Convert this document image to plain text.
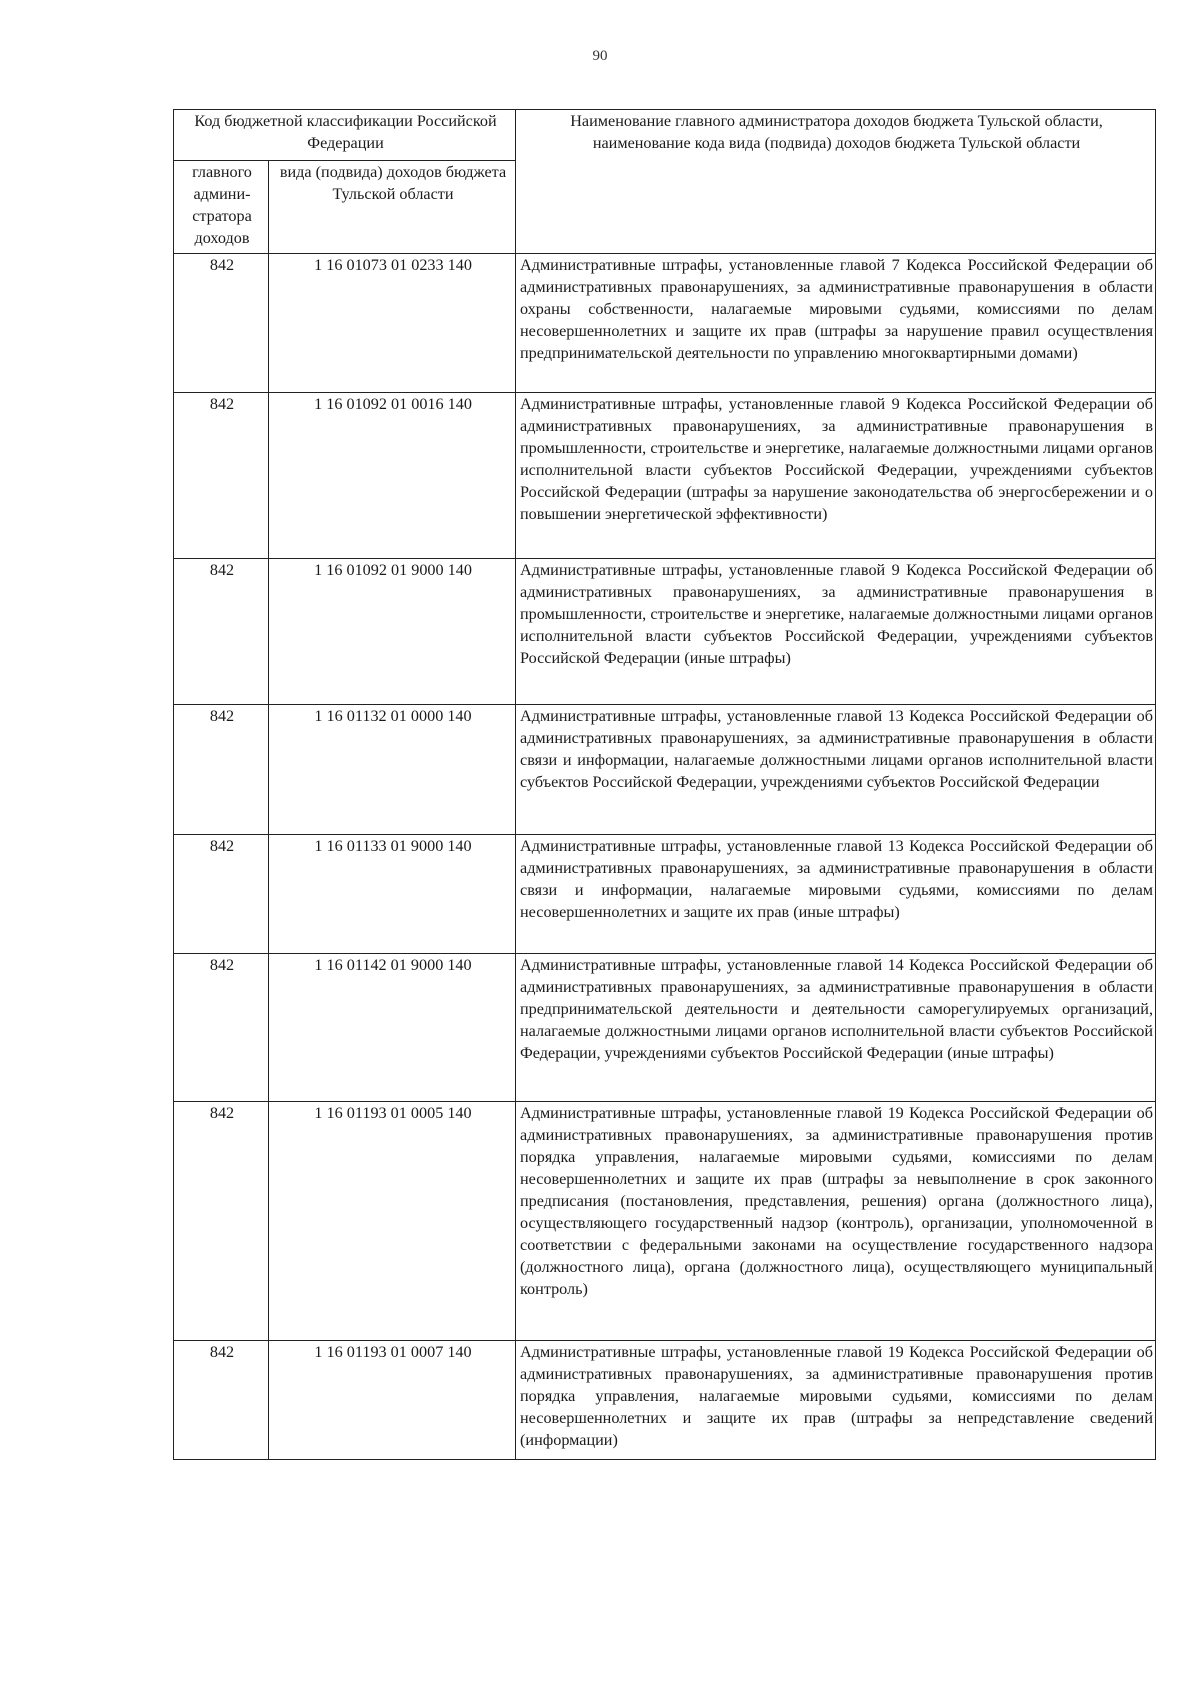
90
Код бюджетной классификации Российской Федерации		Наименование главного администратора доходов бюджета Тульской области, наименование кода вида (подвида) доходов бюджета Тульской области
главного админи-стратора доходов	вида (подвида) доходов бюджета Тульской области	
842	1 16 01073 01 0233 140	Административные штрафы, установленные главой 7 Кодекса Российской Федерации об административных правонарушениях, за административные правонарушения в области охраны собственности, налагаемые мировыми судьями, комиссиями по делам несовершеннолетних и защите их прав (штрафы за нарушение правил осуществления предпринимательской деятельности по управлению многоквартирными домами)
842	1 16 01092 01 0016 140	Административные штрафы, установленные главой 9 Кодекса Российской Федерации об административных правонарушениях, за административные правонарушения в промышленности, строительстве и энергетике, налагаемые должностными лицами органов исполнительной власти субъектов Российской Федерации, учреждениями субъектов Российской Федерации (штрафы за нарушение законодательства об энергосбережении и о повышении энергетической эффективности)
842	1 16 01092 01 9000 140	Административные штрафы, установленные главой 9 Кодекса Российской Федерации об административных правонарушениях, за административные правонарушения в промышленности, строительстве и энергетике, налагаемые должностными лицами органов исполнительной власти субъектов Российской Федерации, учреждениями субъектов Российской Федерации (иные штрафы)
842	1 16 01132 01 0000 140	Административные штрафы, установленные главой 13 Кодекса Российской Федерации об административных правонарушениях, за административные правонарушения в области связи и информации, налагаемые должностными лицами органов исполнительной власти субъектов Российской Федерации, учреждениями субъектов Российской Федерации
842	1 16 01133 01 9000 140	Административные штрафы, установленные главой 13 Кодекса Российской Федерации об административных правонарушениях, за административные правонарушения в области связи и информации, налагаемые мировыми судьями, комиссиями по делам несовершеннолетних и защите их прав (иные штрафы)
842	1 16 01142 01 9000 140	Административные штрафы, установленные главой 14 Кодекса Российской Федерации об административных правонарушениях, за административные правонарушения в области предпринимательской деятельности и деятельности саморегулируемых организаций, налагаемые должностными лицами органов исполнительной власти субъектов Российской Федерации, учреждениями субъектов Российской Федерации (иные штрафы)
842	1 16 01193 01 0005 140	Административные штрафы, установленные главой 19 Кодекса Российской Федерации об административных правонарушениях, за административные правонарушения против порядка управления, налагаемые мировыми судьями, комиссиями по делам несовершеннолетних и защите их прав (штрафы за невыполнение в срок законного предписания (постановления, представления, решения) органа (должностного лица), осуществляющего государственный надзор (контроль), организации, уполномоченной в соответствии с федеральными законами на осуществление государственного надзора (должностного лица), органа (должностного лица), осуществляющего муниципальный контроль)
842	1 16 01193 01 0007 140	Административные штрафы, установленные главой 19 Кодекса Российской Федерации об административных правонарушениях, за административные правонарушения против порядка управления, налагаемые мировыми судьями, комиссиями по делам несовершеннолетних и защите их прав (штрафы за непредставление сведений (информации)
